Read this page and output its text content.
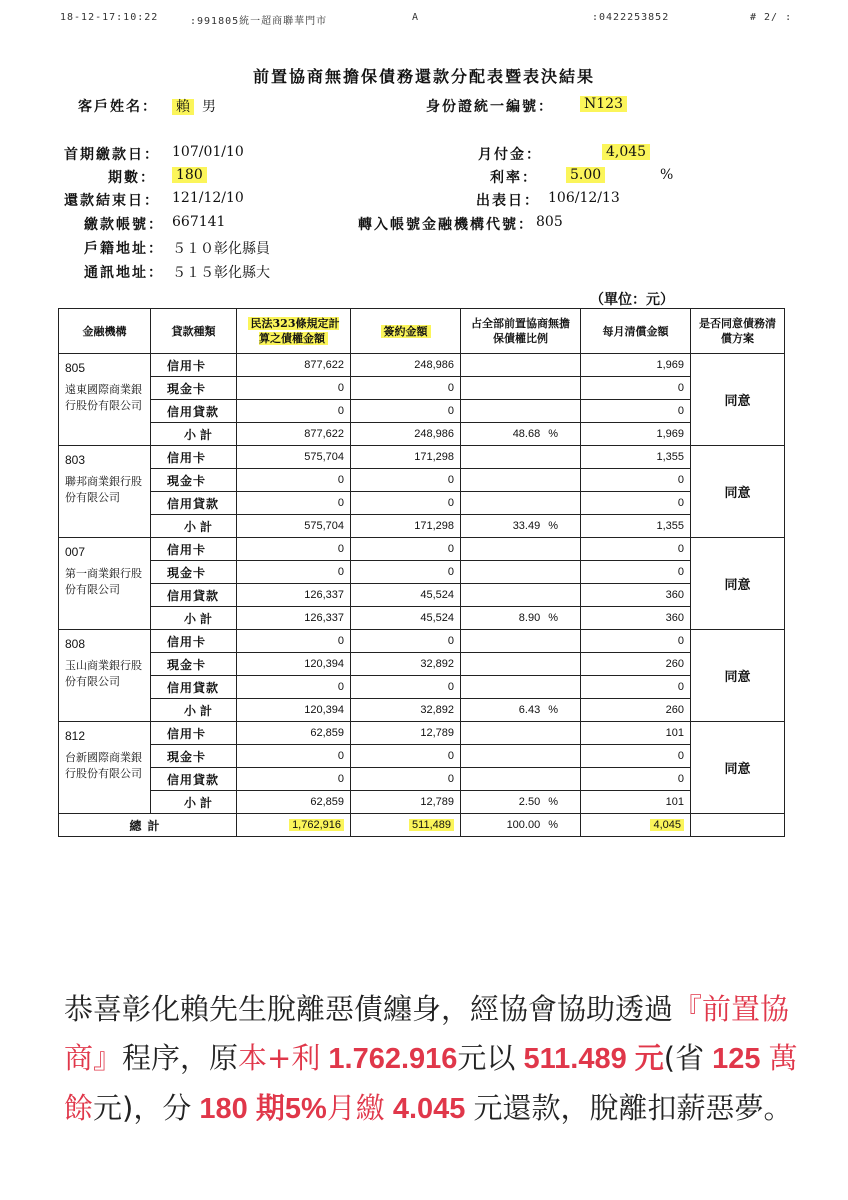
18-12-17:10:22	:991805統一超商聯華門市	A	:0422253852	# 2/ :
前置協商無擔保債務還款分配表暨表決結果
客戶姓名： 賴 男	身份證統一編號： N123
首期繳款日： 107/01/10	月付金：	4,045
期數： 180	利率： 5.00	%
還款結束日： 121/12/10	出表日： 106/12/13
繳款帳號： 667141	轉入帳號金融機構代號： 805
戶籍地址： ５１０彰化縣員
通訊地址： ５１５彰化縣大
（單位：元）
金融機構	貸款種類	民法323條規定計算之債權金額	簽約金額	占全部前置協商無擔保債權比例	每月清償金額	是否同意債務清償方案

805
遠東國際商業銀行股份有限公司	信用卡	877,622	248,986		1,969	同意
	現金卡	0	0		0	
	信用貸款	0	0		0	
	小計	877,622	248,986	48.68 %	1,969	

803
聯邦商業銀行股份有限公司	信用卡	575,704	171,298		1,355	同意
	現金卡	0	0		0	
	信用貸款	0	0		0	
	小計	575,704	171,298	33.49 %	1,355	

007
第一商業銀行股份有限公司	信用卡	0	0		0	同意
	現金卡	0	0		0	
	信用貸款	126,337	45,524		360	
	小計	126,337	45,524	8.90 %	360	

808
玉山商業銀行股份有限公司	信用卡	0	0		0	同意
	現金卡	120,394	32,892		260	
	信用貸款	0	0		0	
	小計	120,394	32,892	6.43 %	260	

812
台新國際商業銀行股份有限公司	信用卡	62,859	12,789		101	同意
	現金卡	0	0		0	
	信用貸款	0	0		0	
	小計	62,859	12,789	2.50 %	101	
總計		1,762,916	511,489	100.00 %	4,045	
恭喜彰化賴先生脫離惡債纏身，經協會協助透過『前置協商』程序，原本+利 1.762.916元以 511.489 元(省 125 萬餘元)，分 180 期5%月繳 4.045 元還款，脫離扣薪惡夢。
